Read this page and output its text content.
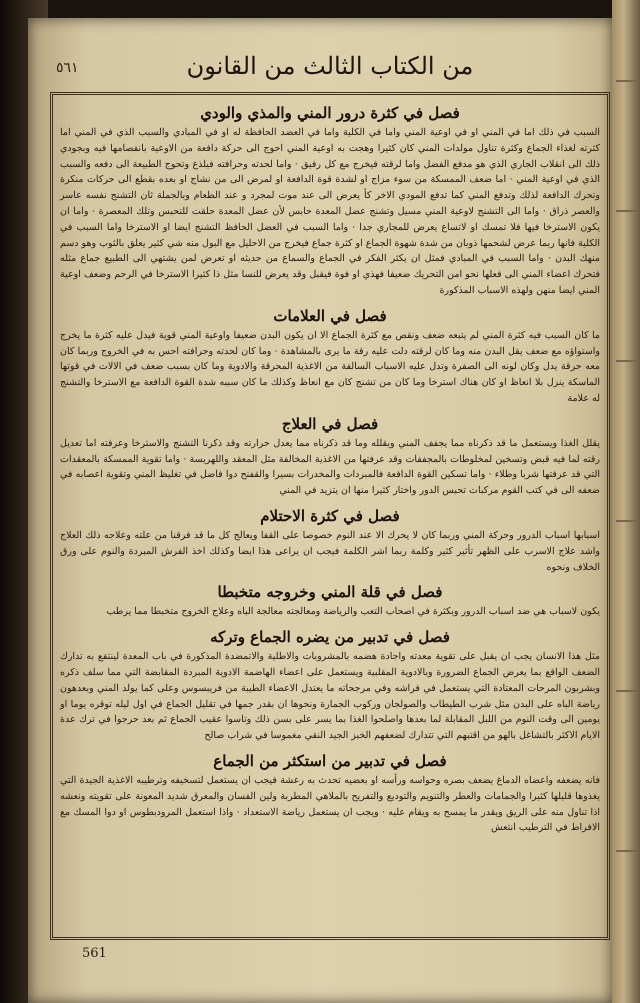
من الكتاب الثالث من القانون
٥٦١
فصل في كثرة درور المني والمذي والودي

السبب في ذلك اما في المني او في اوعية المني واما في الكلية واما في العضد الحافظة له او في المبادي والسبب الذي في المني اما كثرته لغذاء الجماع وكثرة تناول مولدات المني كان كثيرا وهجت به اوعية المني احوج الى حركة دافعة من الاوعية بانفصامها فيه وبجودي ذلك الى انقلاب الجاري الذي هو مدفع الفضل واما لرقته فيخرج مع كل رفيق · واما لحدته وحرافته فيلذع وتحوج الطبيعة الى دفعه والسبب الذي في اوعية المني · اما ضعف الممسكة من سوء مزاج او لشدة قوة الدافعة او لمرض الى من نشاج او بعده بقطع الى حركات منكرة وتحرك الدافعة لذلك وتدفع المني كما تدفع المودي الاخر كأ يعرض الى عند موت لمجرد و عند الطعام وبالجملة ثان التشنج نفسه عاسر والعصر ذراق · واما الى التشنج لاوعية المني مسيل وتشنج عضل المعدة حابس لأن عضل المعدة حلقت للتحبس وتلك المعصرة · واما ان يكون الاسترخا فيها فلا تمسك او لاتساع يعرض للمجاري جدا · واما السبب في العضل الحافظ التشنج ايضا او الاسترخا واما السبب في الكلية فانها ربما عرض لشحمها ذوبان من شدة شهوة الجماع او كثرة جماع فيخرج من الاحليل مع البول منه شي كثير يعلق بالثوب وهو دسم منهك البدن · واما السبب في المبادي فمثل ان يكثر الفكر في الجماع والسماع من حديثه او تعرض لمن يشتهي الى الطبيع جماع مثله فتحرك اعضاء المني الى فعلها نحو امن التحريك ضعيفا فهذي او فوة فيقبل وقد يعرض للنسا مثل ذا كثيرا الاسترخا في الرحم وضعف اوعية المني ايضا منهن ولهذه الاسباب المذكورة

فصل في العلامات

ما كان السبب فيه كثرة المني لم يتبعه ضعف ونقص مع كثرة الجماع الا ان يكون البدن ضعيفا واوعية المني قوية فيدل عليه كثرة ما يخرج واستواؤه مع ضعف يقل البدن منه وما كان لرقته دلت عليه رقة ما يرى بالمشاهدة · وما كان لحدته وحرافته احس به في الخروج وربما كان معه حرقة يدل وكان لونه الى الصفرة وتدل عليه الاسباب السالفة من الاغذية المحرقة والادوية وما كان بسبب ضعف في الالات في قوتها الماسكة ينزل بلا انعاظ او كان هناك استرخا وما كان من تشنج كان مع انعاظ وكذلك ما كان سببه شدة القوة الدافعة مع الاسترخا والتشنج له علامة

فصل في العلاج

يقلل الغذا ويستعمل ما قد ذكرناه مما يجفف المني ويقلله وما قد ذكرناه مما يعدل حرارته وقد ذكرنا التشنج والاسترخا وعرفته اما تعديل رقته لما فيه قبض وتسخين لمخلوطات بالمجففات وقد عرفتها من الاغذية المخالفة مثل المعقد واللهريسة · واما تقوية الممسكة بالمعقدات التي قد عرفتها شربا وطلاء · واما تسكين القوة الدافعة فالمبردات والمخدرات بسيرا والقفنح دوا فاضل في تغليظ المني وتقوية اعصابه في ضعفه الى في كتب القوم مركبات تحبس الدور واختار كثيرا منها ان يتزيد في المني

فصل في كثرة الاحتلام

اسبابها اسباب الدرور وحركة المني وربما كان لا يحرك الا عند النوم خصوصا على القفا ويعالج كل ما قد فرقنا من علته وعلاجه ذلك العلاج واشد علاج الاسرب على الظهر تأثير كثير وكلمة ربما اشر الكلمة فيجب ان يراعى هذا ايضا وكذلك اخذ الفرش المبردة والنوم على ورق الخلاف ونحوه

فصل في قلة المني وخروجه متخبطا

يكون لاسباب هي ضد اسباب الدرور وبكثرة في اصحاب التعب والرياضة ومعالجته معالجة الباه وعلاج الخروج متخبطا مما يرطب

فصل في تدبير من يضره الجماع وتركه

مثل هذا الانسان يجب ان يقبل على تقوية معدته واجادة هضمه بالمشروبات والاطلية والاتمضدة المذكورة في باب المعدة لينتفع به تدارك الضعف الواقع بما يعرض الجماع الضرورة وبالادوية المقلبية ويستعمل على اعضاء الهاضمة الادوية المبردة المقابضة التي مما سلف ذكره وبشربون المرحات المعتادة التي يستعمل في فراشه وفي مرجحاته ما يعتدل الاعضاء الطيبة من فريبسوس وعلى كما يولد المني وبعدهون رياضة الباه على البدن مثل شرب الطيطاب والصولجان وركوب الجمارة ونحوها ان بقدر جمها في تقليل الجماع في اول ليله توقره يوما او يومين الى وقت النوم من اللبل المقابلة لما بعدها واصلحوا الغذا بما يسر على بسن ذلك وتاسوا عقيب الجماع ثم بعد حرجوا في ترك عدة الايام الاكثر بالتشاغل بالهو من اقتبهم التي تتدارك لضعفهم الخبز الجيد النقي مغموسا في شراب صالح

فصل في تدبير من استكثر من الجماع

فانه يضعفه واعضاه الدماغ يضعف بصره وحواسه ورأسه او بعضيه تحدث به رعشة فيجب ان يستعمل لتسخيفه وترطيبه الاغذية الجيدة التي يغذوها قليلها كثيرا والجمامات والعطر والتنويم والتوديع والتفريح بالملاهي المطربة ولين الفسان والمعرق شديد المعونة على تقويته ونعشه اذا تناول منه على الريق ويقدر ما يمسح به ويقام عليه · ويجب ان يستعمل رياضة الاستعداد · واذا استعمل المرودبطوس او دوا المسك مع الافراط في الترطيب انتعش

561
